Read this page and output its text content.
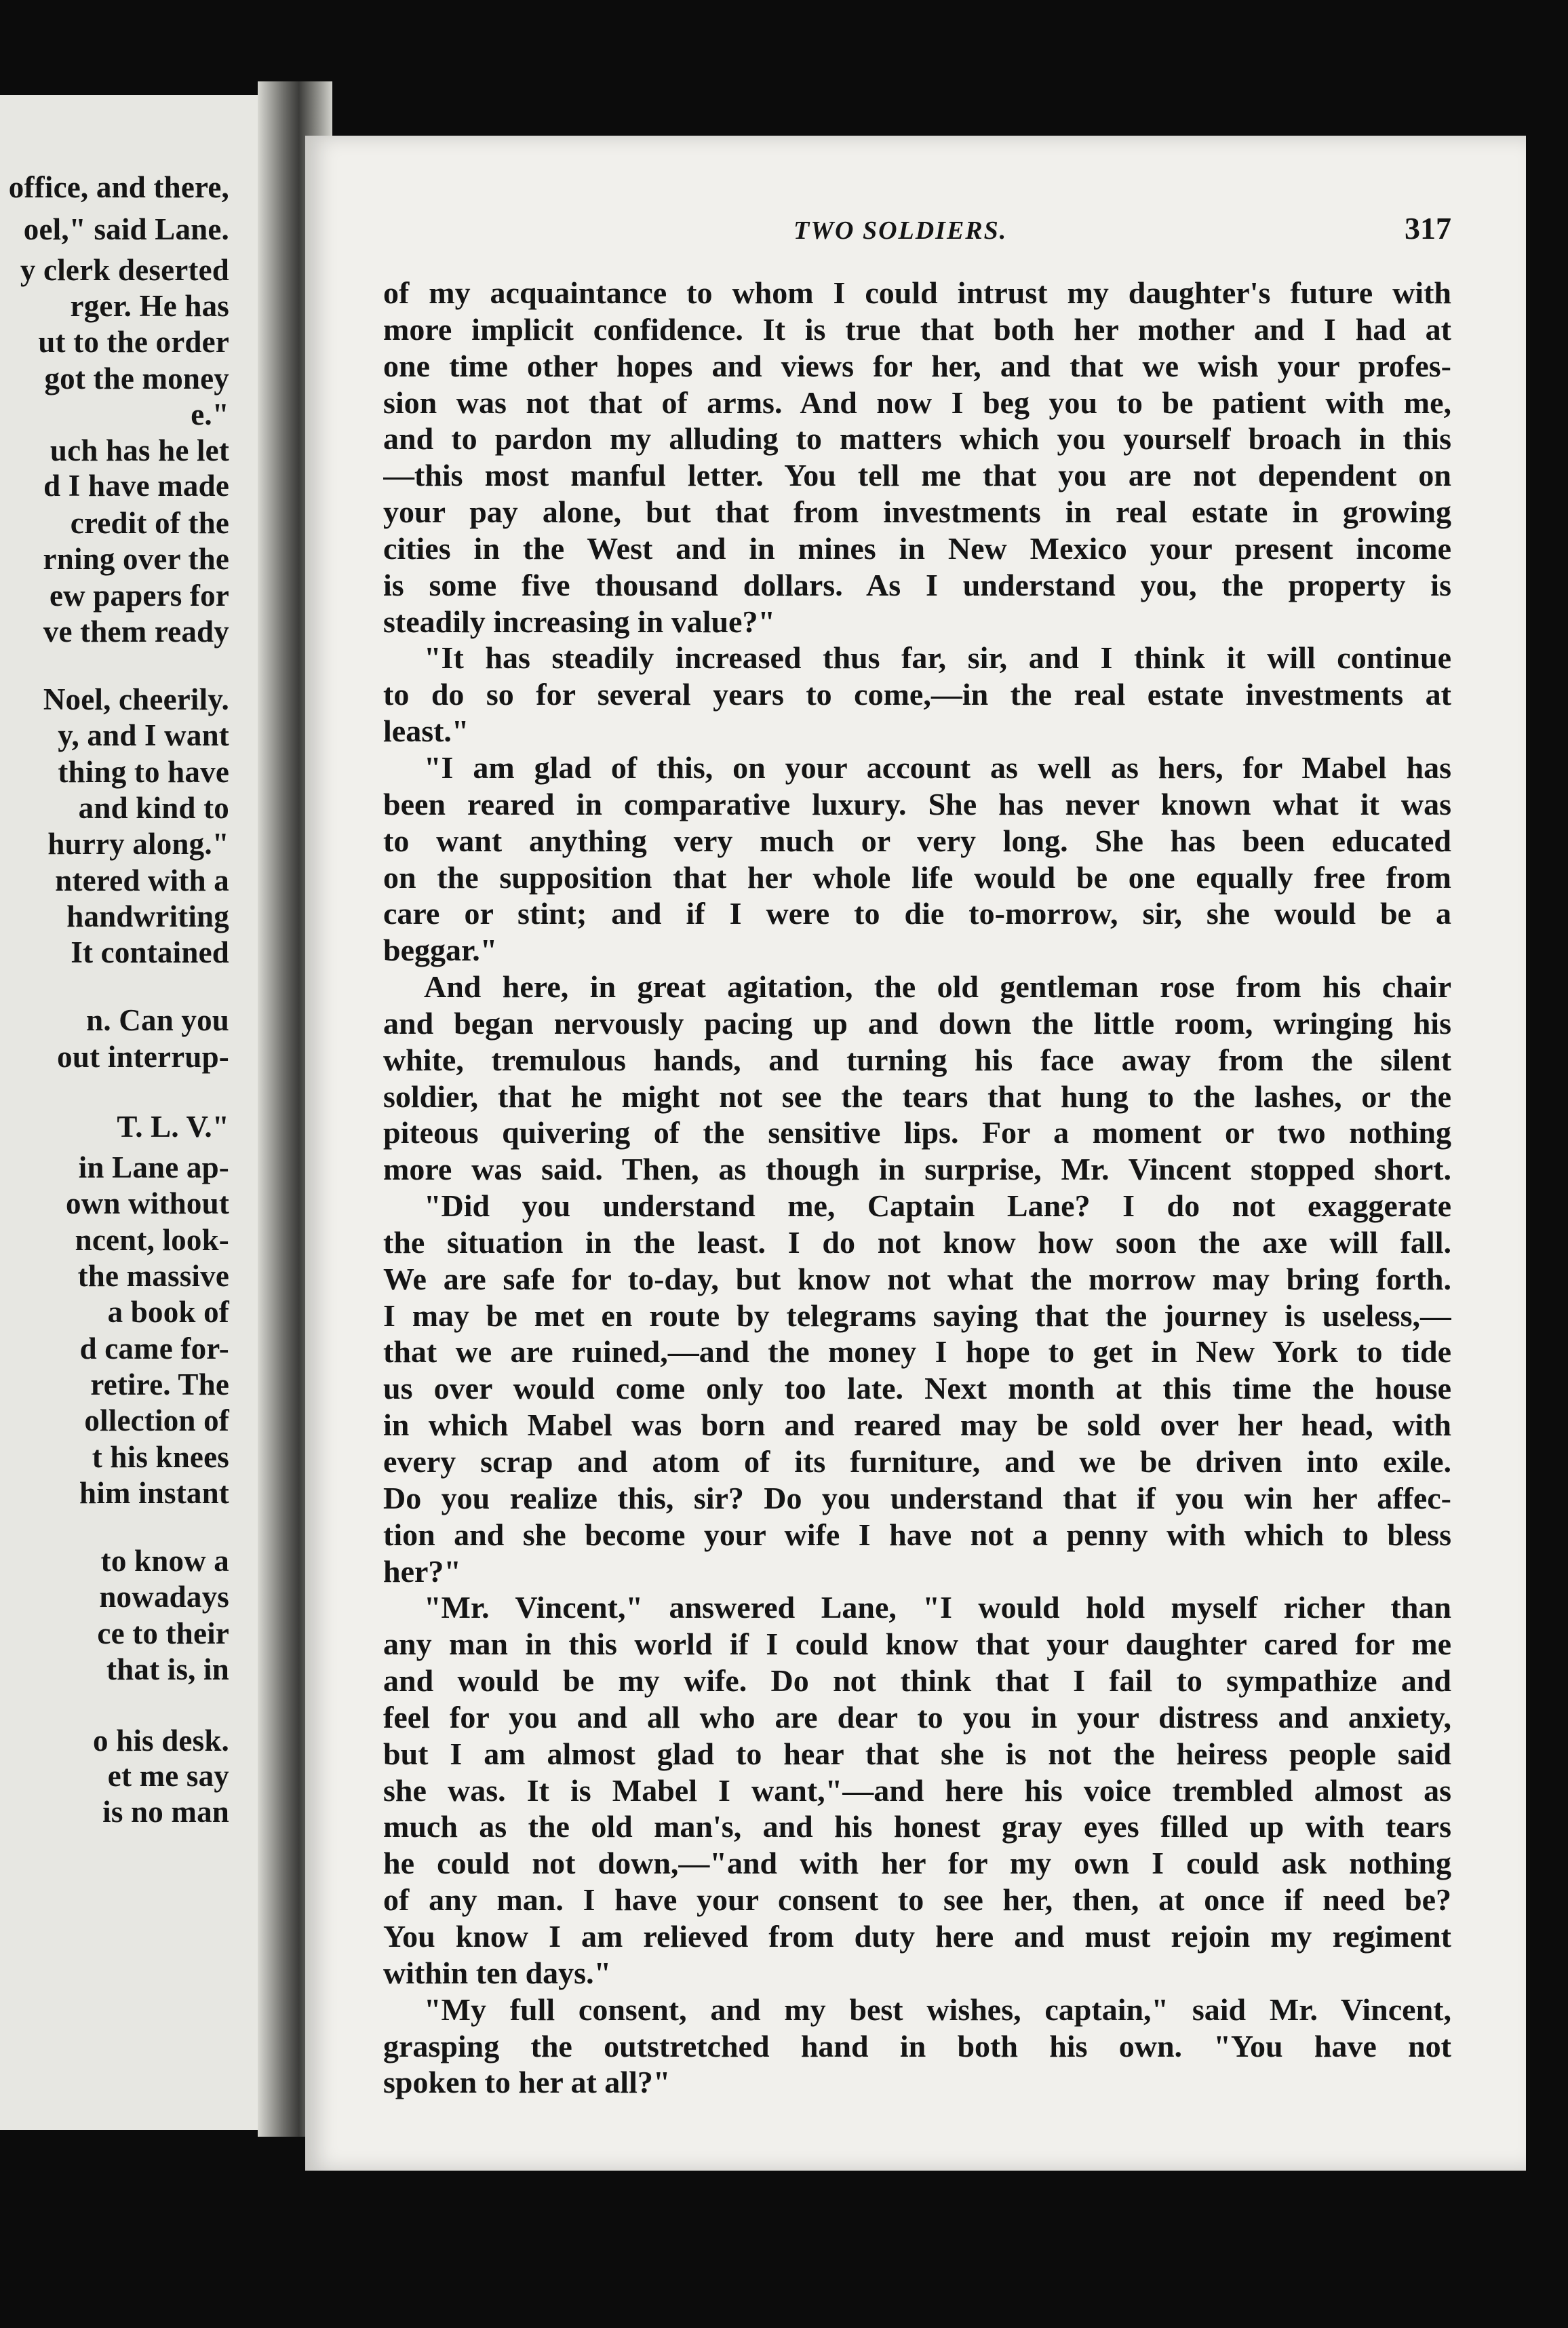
office, and there,

oel," said Lane.

y clerk deserted

rger. He has

ut to the order

got the money

e."

uch has he let

d I have made

credit of the

rning over the

ew papers for

ve them ready

Noel, cheerily.

y, and I want

thing to have

and kind to

hurry along."

ntered with a

handwriting

It contained

n. Can you

out interrup-

T. L. V."

in Lane ap-

own without

ncent, look-

the massive

a book of

d came for-

retire. The

ollection of

t his knees

him instant

to know a

nowadays

ce to their

that is, in

o his desk.

et me say

is no man

TWO SOLDIERS.	317

of my acquaintance to whom I could intrust my daughter's future with

more implicit confidence. It is true that both her mother and I had at

one time other hopes and views for her, and that we wish your profes-

sion was not that of arms. And now I beg you to be patient with me,

and to pardon my alluding to matters which you yourself broach in this

—this most manful letter. You tell me that you are not dependent on

your pay alone, but that from investments in real estate in growing

cities in the West and in mines in New Mexico your present income

is some five thousand dollars. As I understand you, the property is

steadily increasing in value?"

"It has steadily increased thus far, sir, and I think it will continue

to do so for several years to come,—in the real estate investments at

least."

"I am glad of this, on your account as well as hers, for Mabel has

been reared in comparative luxury. She has never known what it was

to want anything very much or very long. She has been educated

on the supposition that her whole life would be one equally free from

care or stint; and if I were to die to-morrow, sir, she would be a

beggar."

And here, in great agitation, the old gentleman rose from his chair

and began nervously pacing up and down the little room, wringing his

white, tremulous hands, and turning his face away from the silent

soldier, that he might not see the tears that hung to the lashes, or the

piteous quivering of the sensitive lips. For a moment or two nothing

more was said. Then, as though in surprise, Mr. Vincent stopped short.

"Did you understand me, Captain Lane? I do not exaggerate

the situation in the least. I do not know how soon the axe will fall.

We are safe for to-day, but know not what the morrow may bring forth.

I may be met en route by telegrams saying that the journey is useless,—

that we are ruined,—and the money I hope to get in New York to tide

us over would come only too late. Next month at this time the house

in which Mabel was born and reared may be sold over her head, with

every scrap and atom of its furniture, and we be driven into exile.

Do you realize this, sir? Do you understand that if you win her affec-

tion and she become your wife I have not a penny with which to bless

her?"

"Mr. Vincent," answered Lane, "I would hold myself richer than

any man in this world if I could know that your daughter cared for me

and would be my wife. Do not think that I fail to sympathize and

feel for you and all who are dear to you in your distress and anxiety,

but I am almost glad to hear that she is not the heiress people said

she was. It is Mabel I want,"—and here his voice trembled almost as

much as the old man's, and his honest gray eyes filled up with tears

he could not down,—"and with her for my own I could ask nothing

of any man. I have your consent to see her, then, at once if need be?

You know I am relieved from duty here and must rejoin my regiment

within ten days."

"My full consent, and my best wishes, captain," said Mr. Vincent,

grasping the outstretched hand in both his own. "You have not

spoken to her at all?"
